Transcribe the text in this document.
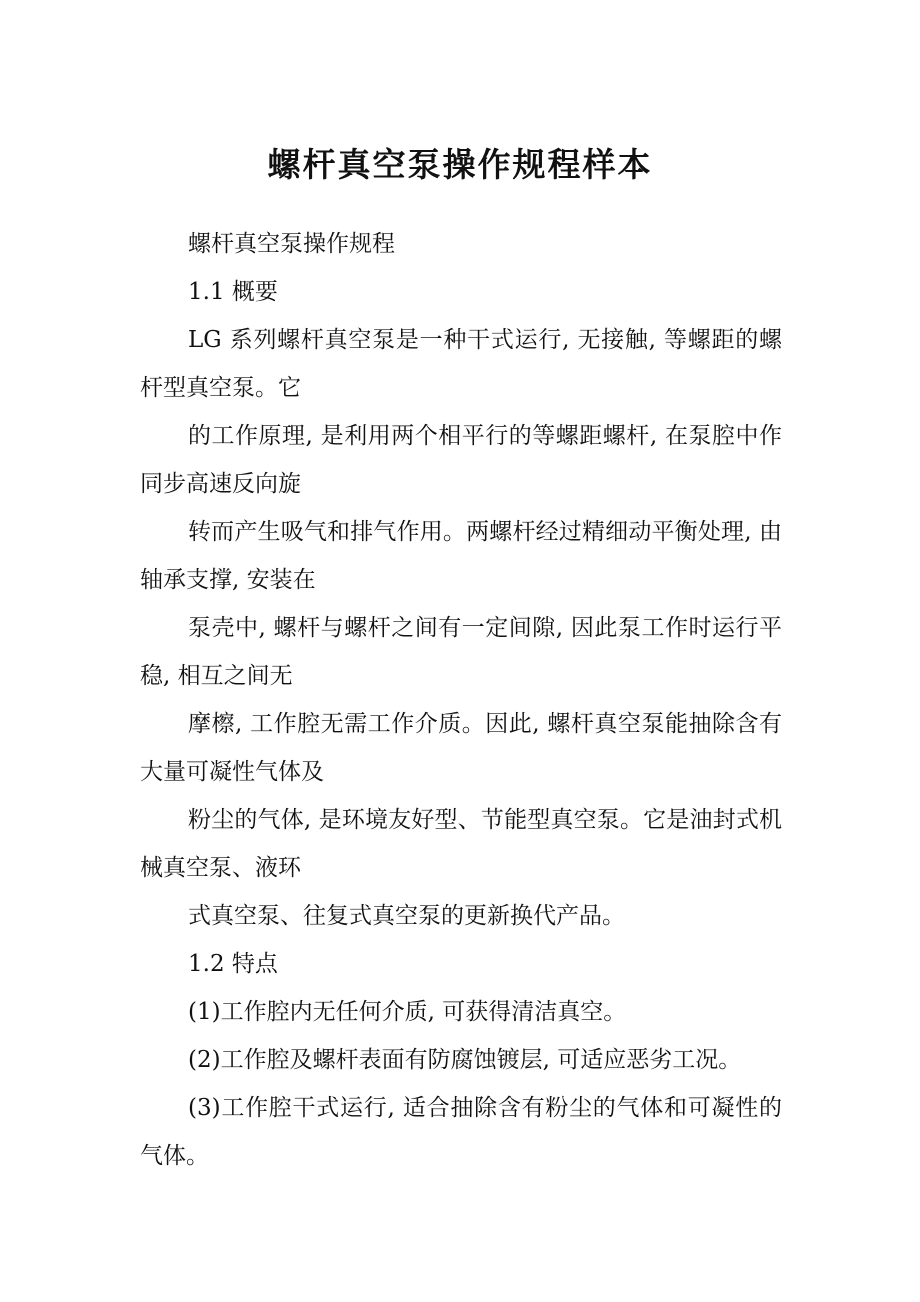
螺杆真空泵操作规程样本

螺杆真空泵操作规程

1.1 概要

LG 系列螺杆真空泵是一种干式运行, 无接触, 等螺距的螺杆型真空泵。它

的工作原理, 是利用两个相平行的等螺距螺杆, 在泵腔中作同步高速反向旋

转而产生吸气和排气作用。两螺杆经过精细动平衡处理, 由轴承支撑, 安装在

泵壳中, 螺杆与螺杆之间有一定间隙, 因此泵工作时运行平稳, 相互之间无

摩檫, 工作腔无需工作介质。因此, 螺杆真空泵能抽除含有大量可凝性气体及

粉尘的气体, 是环境友好型、节能型真空泵。它是油封式机械真空泵、液环

式真空泵、往复式真空泵的更新换代产品。

1.2 特点

(1)工作腔内无任何介质, 可获得清洁真空。

(2)工作腔及螺杆表面有防腐蚀镀层, 可适应恶劣工况。

(3)工作腔干式运行, 适合抽除含有粉尘的气体和可凝性的气体。
